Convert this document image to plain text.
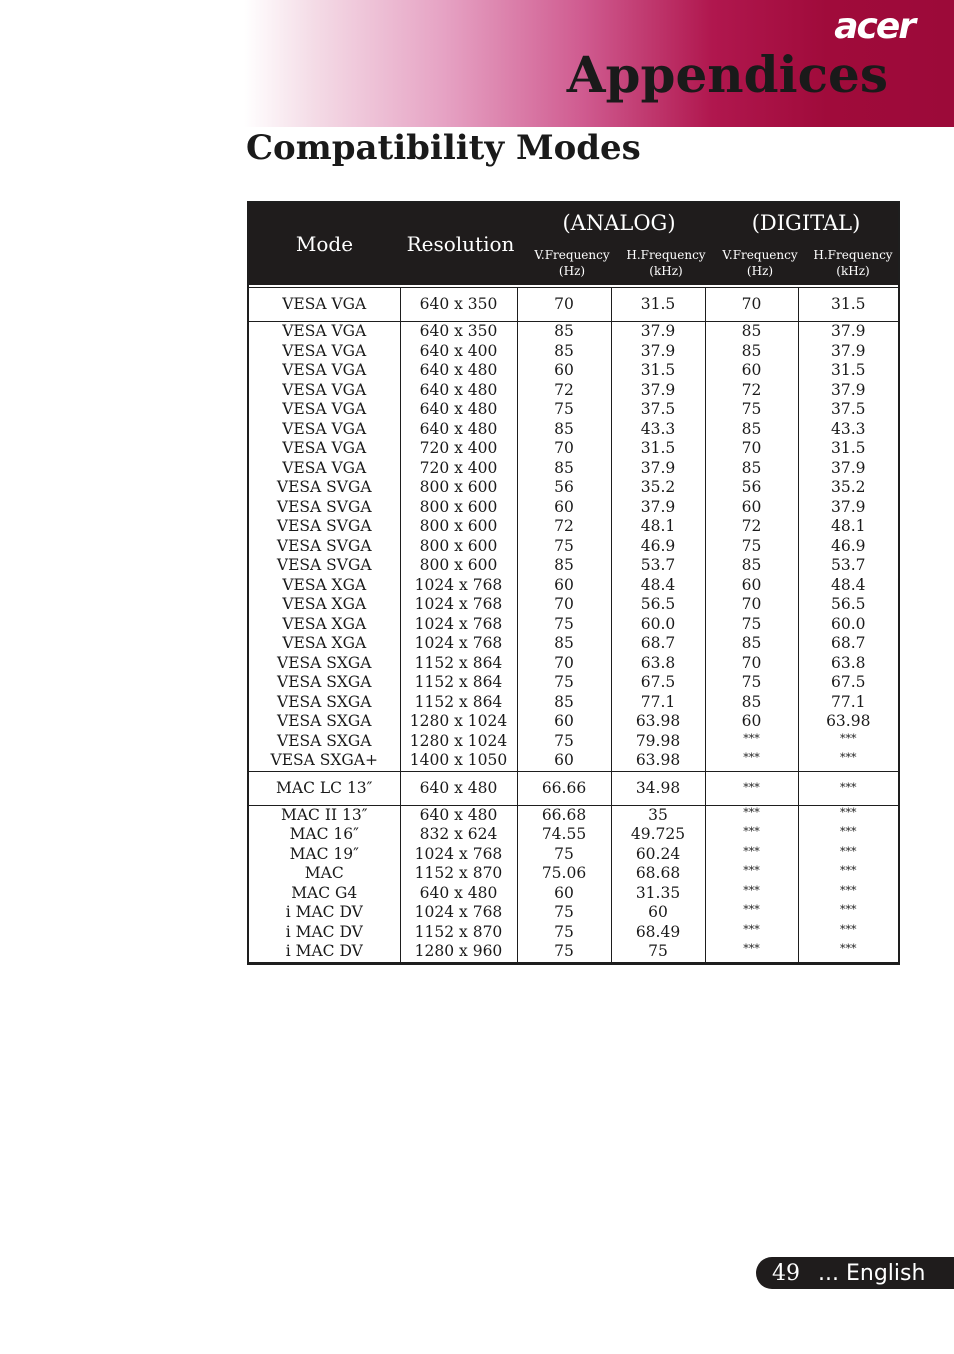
acer
Appendices
Compatibility Modes
Mode	Resolution
(ANALOG)	(DIGITAL)
V.Frequency
(Hz)
H.Frequency
(kHz)
V.Frequency
(Hz)
H.Frequency
(kHz)
VESA VGA	640 x 350	70	31.5	70	31.5
VESA VGA	640 x 350	85	37.9	85	37.9
VESA VGA	640 x 400	85	37.9	85	37.9
VESA VGA	640 x 480	60	31.5	60	31.5
VESA VGA	640 x 480	72	37.9	72	37.9
VESA VGA	640 x 480	75	37.5	75	37.5
VESA VGA	640 x 480	85	43.3	85	43.3
VESA VGA	720 x 400	70	31.5	70	31.5
VESA VGA	720 x 400	85	37.9	85	37.9
VESA SVGA	800 x 600	56	35.2	56	35.2
VESA SVGA	800 x 600	60	37.9	60	37.9
VESA SVGA	800 x 600	72	48.1	72	48.1
VESA SVGA	800 x 600	75	46.9	75	46.9
VESA SVGA	800 x 600	85	53.7	85	53.7
VESA XGA	1024 x 768	60	48.4	60	48.4
VESA XGA	1024 x 768	70	56.5	70	56.5
VESA XGA	1024 x 768	75	60.0	75	60.0
VESA XGA	1024 x 768	85	68.7	85	68.7
VESA SXGA	1152 x 864	70	63.8	70	63.8
VESA SXGA	1152 x 864	75	67.5	75	67.5
VESA SXGA	1152 x 864	85	77.1	85	77.1
VESA SXGA	1280 x 1024	60	63.98	60	63.98
VESA SXGA	1280 x 1024	75	79.98	***	***
VESA SXGA+	1400 x 1050	60	63.98	***	***
MAC LC 13″	640 x 480	66.66	34.98	***	***
MAC II 13″	640 x 480	66.68	35	***	***
MAC 16″	832 x 624	74.55	49.725	***	***
MAC 19″	1024 x 768	75	60.24	***	***
MAC	1152 x 870	75.06	68.68	***	***
MAC G4	640 x 480	60	31.35	***	***
i MAC DV	1024 x 768	75	60	***	***
i MAC DV	1152 x 870	75	68.49	***	***
i MAC DV	1280 x 960	75	75	***	***
49 ... English
